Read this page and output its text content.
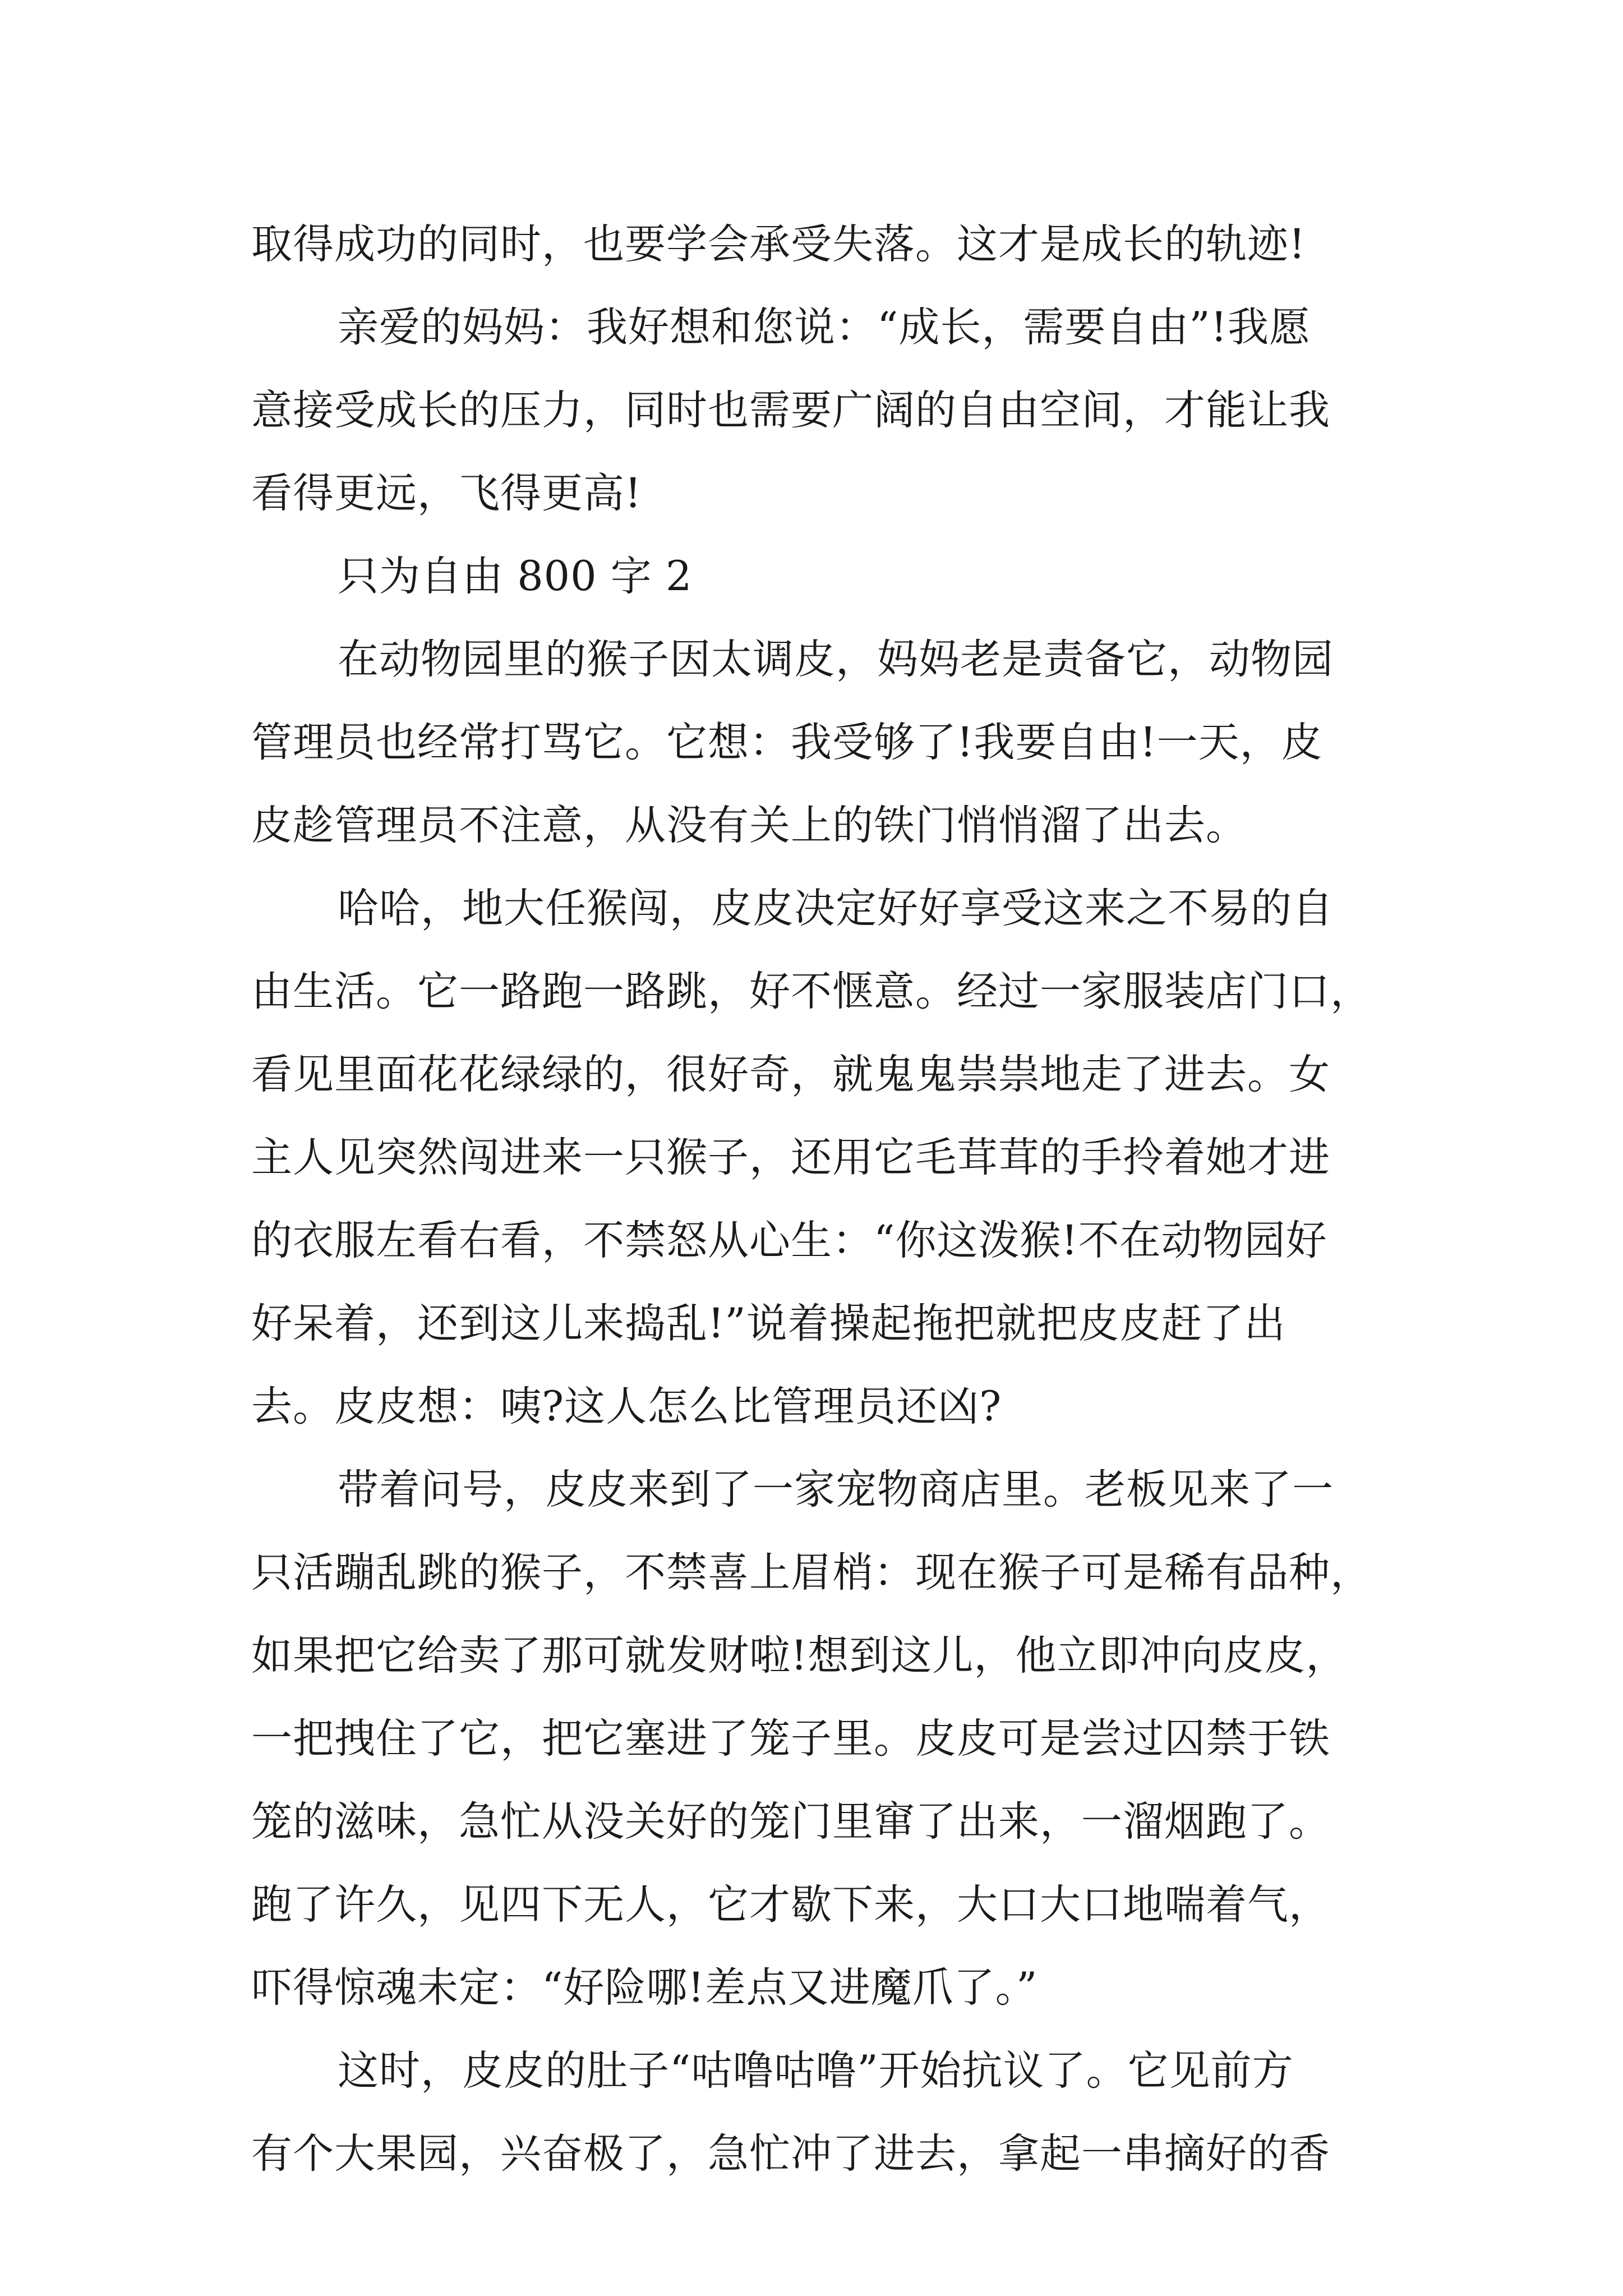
取得成功的同时，也要学会承受失落。这才是成长的轨迹!
亲爱的妈妈：我好想和您说：“成长，需要自由”!我愿
意接受成长的压力，同时也需要广阔的自由空间，才能让我
看得更远，飞得更高!
只为自由 800 字 2
在动物园里的猴子因太调皮，妈妈老是责备它，动物园
管理员也经常打骂它。它想：我受够了!我要自由!一天，皮
皮趁管理员不注意，从没有关上的铁门悄悄溜了出去。
哈哈，地大任猴闯，皮皮决定好好享受这来之不易的自
由生活。它一路跑一路跳，好不惬意。经过一家服装店门口，
看见里面花花绿绿的，很好奇，就鬼鬼祟祟地走了进去。女
主人见突然闯进来一只猴子，还用它毛茸茸的手拎着她才进
的衣服左看右看，不禁怒从心生：“你这泼猴!不在动物园好
好呆着，还到这儿来捣乱!”说着操起拖把就把皮皮赶了出
去。皮皮想：咦?这人怎么比管理员还凶?
带着问号，皮皮来到了一家宠物商店里。老板见来了一
只活蹦乱跳的猴子，不禁喜上眉梢：现在猴子可是稀有品种，
如果把它给卖了那可就发财啦!想到这儿，他立即冲向皮皮，
一把拽住了它，把它塞进了笼子里。皮皮可是尝过囚禁于铁
笼的滋味，急忙从没关好的笼门里窜了出来，一溜烟跑了。
跑了许久，见四下无人，它才歇下来，大口大口地喘着气，
吓得惊魂未定：“好险哪!差点又进魔爪了。”
这时，皮皮的肚子“咕噜咕噜”开始抗议了。它见前方
有个大果园，兴奋极了，急忙冲了进去，拿起一串摘好的香
